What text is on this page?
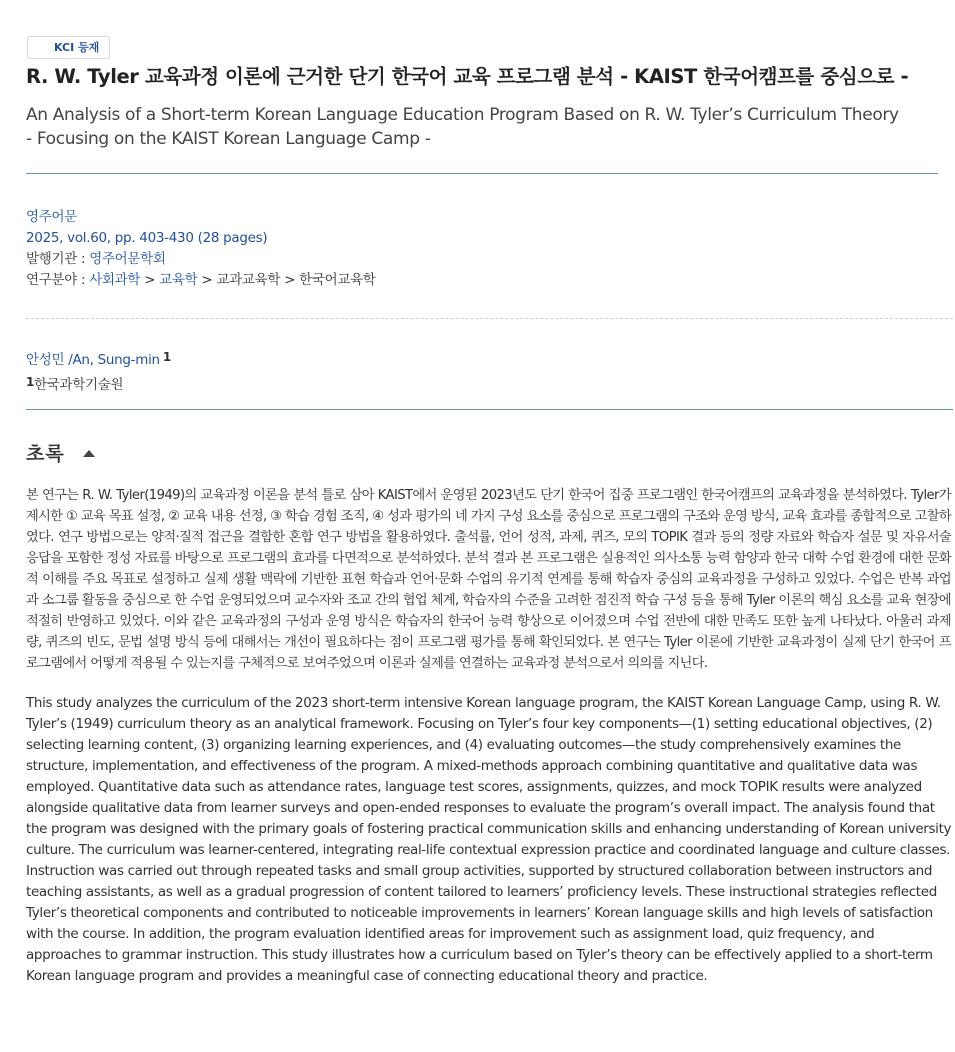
KCI 등재
R. W. Tyler 교육과정 이론에 근거한 단기 한국어 교육 프로그램 분석 - KAIST 한국어캠프를 중심으로 -
An Analysis of a Short-term Korean Language Education Program Based on R. W. Tyler’s Curriculum Theory - Focusing on the KAIST Korean Language Camp -
영주어문
2025, vol.60, pp. 403-430 (28 pages)
발행기관 : 영주어문학회
연구분야 : 사회과학 > 교육학 > 교과교육학 > 한국어교육학
안성민 /An, Sung-min 1
1한국과학기술원
초록
본 연구는 R. W. Tyler(1949)의 교육과정 이론을 분석 틀로 삼아 KAIST에서 운영된 2023년도 단기 한국어 집중 프로그램인 한국어캠프의 교육과정을 분석하였다. Tyler가 제시한 ① 교육 목표 설정, ② 교육 내용 선정, ③ 학습 경험 조직, ④ 성과 평가의 네 가지 구성 요소를 중심으로 프로그램의 구조와 운영 방식, 교육 효과를 종합적으로 고찰하였다. 연구 방법으로는 양적·질적 접근을 결합한 혼합 연구 방법을 활용하였다. 출석률, 언어 성적, 과제, 퀴즈, 모의 TOPIK 결과 등의 정량 자료와 학습자 설문 및 자유서술 응답을 포함한 정성 자료를 바탕으로 프로그램의 효과를 다면적으로 분석하였다. 분석 결과 본 프로그램은 실용적인 의사소통 능력 함양과 한국 대학 수업 환경에 대한 문화적 이해를 주요 목표로 설정하고 실제 생활 맥락에 기반한 표현 학습과 언어·문화 수업의 유기적 연계를 통해 학습자 중심의 교육과정을 구성하고 있었다. 수업은 반복 과업과 소그룹 활동을 중심으로 한 수업 운영되었으며 교수자와 조교 간의 협업 체계, 학습자의 수준을 고려한 점진적 학습 구성 등을 통해 Tyler 이론의 핵심 요소를 교육 현장에 적절히 반영하고 있었다. 이와 같은 교육과정의 구성과 운영 방식은 학습자의 한국어 능력 향상으로 이어졌으며 수업 전반에 대한 만족도 또한 높게 나타났다. 아울러 과제량, 퀴즈의 빈도, 문법 설명 방식 등에 대해서는 개선이 필요하다는 점이 프로그램 평가를 통해 확인되었다. 본 연구는 Tyler 이론에 기반한 교육과정이 실제 단기 한국어 프로그램에서 어떻게 적용될 수 있는지를 구체적으로 보여주었으며 이론과 실제를 연결하는 교육과정 분석으로서 의의를 지닌다.
This study analyzes the curriculum of the 2023 short-term intensive Korean language program, the KAIST Korean Language Camp, using R. W. Tyler’s (1949) curriculum theory as an analytical framework. Focusing on Tyler’s four key components—(1) setting educational objectives, (2) selecting learning content, (3) organizing learning experiences, and (4) evaluating outcomes—the study comprehensively examines the structure, implementation, and effectiveness of the program. A mixed-methods approach combining quantitative and qualitative data was employed. Quantitative data such as attendance rates, language test scores, assignments, quizzes, and mock TOPIK results were analyzed alongside qualitative data from learner surveys and open-ended responses to evaluate the program’s overall impact. The analysis found that the program was designed with the primary goals of fostering practical communication skills and enhancing understanding of Korean university culture. The curriculum was learner-centered, integrating real-life contextual expression practice and coordinated language and culture classes. Instruction was carried out through repeated tasks and small group activities, supported by structured collaboration between instructors and teaching assistants, as well as a gradual progression of content tailored to learners’ proficiency levels. These instructional strategies reflected Tyler’s theoretical components and contributed to noticeable improvements in learners’ Korean language skills and high levels of satisfaction with the course. In addition, the program evaluation identified areas for improvement such as assignment load, quiz frequency, and approaches to grammar instruction. This study illustrates how a curriculum based on Tyler’s theory can be effectively applied to a short-term Korean language program and provides a meaningful case of connecting educational theory and practice.
